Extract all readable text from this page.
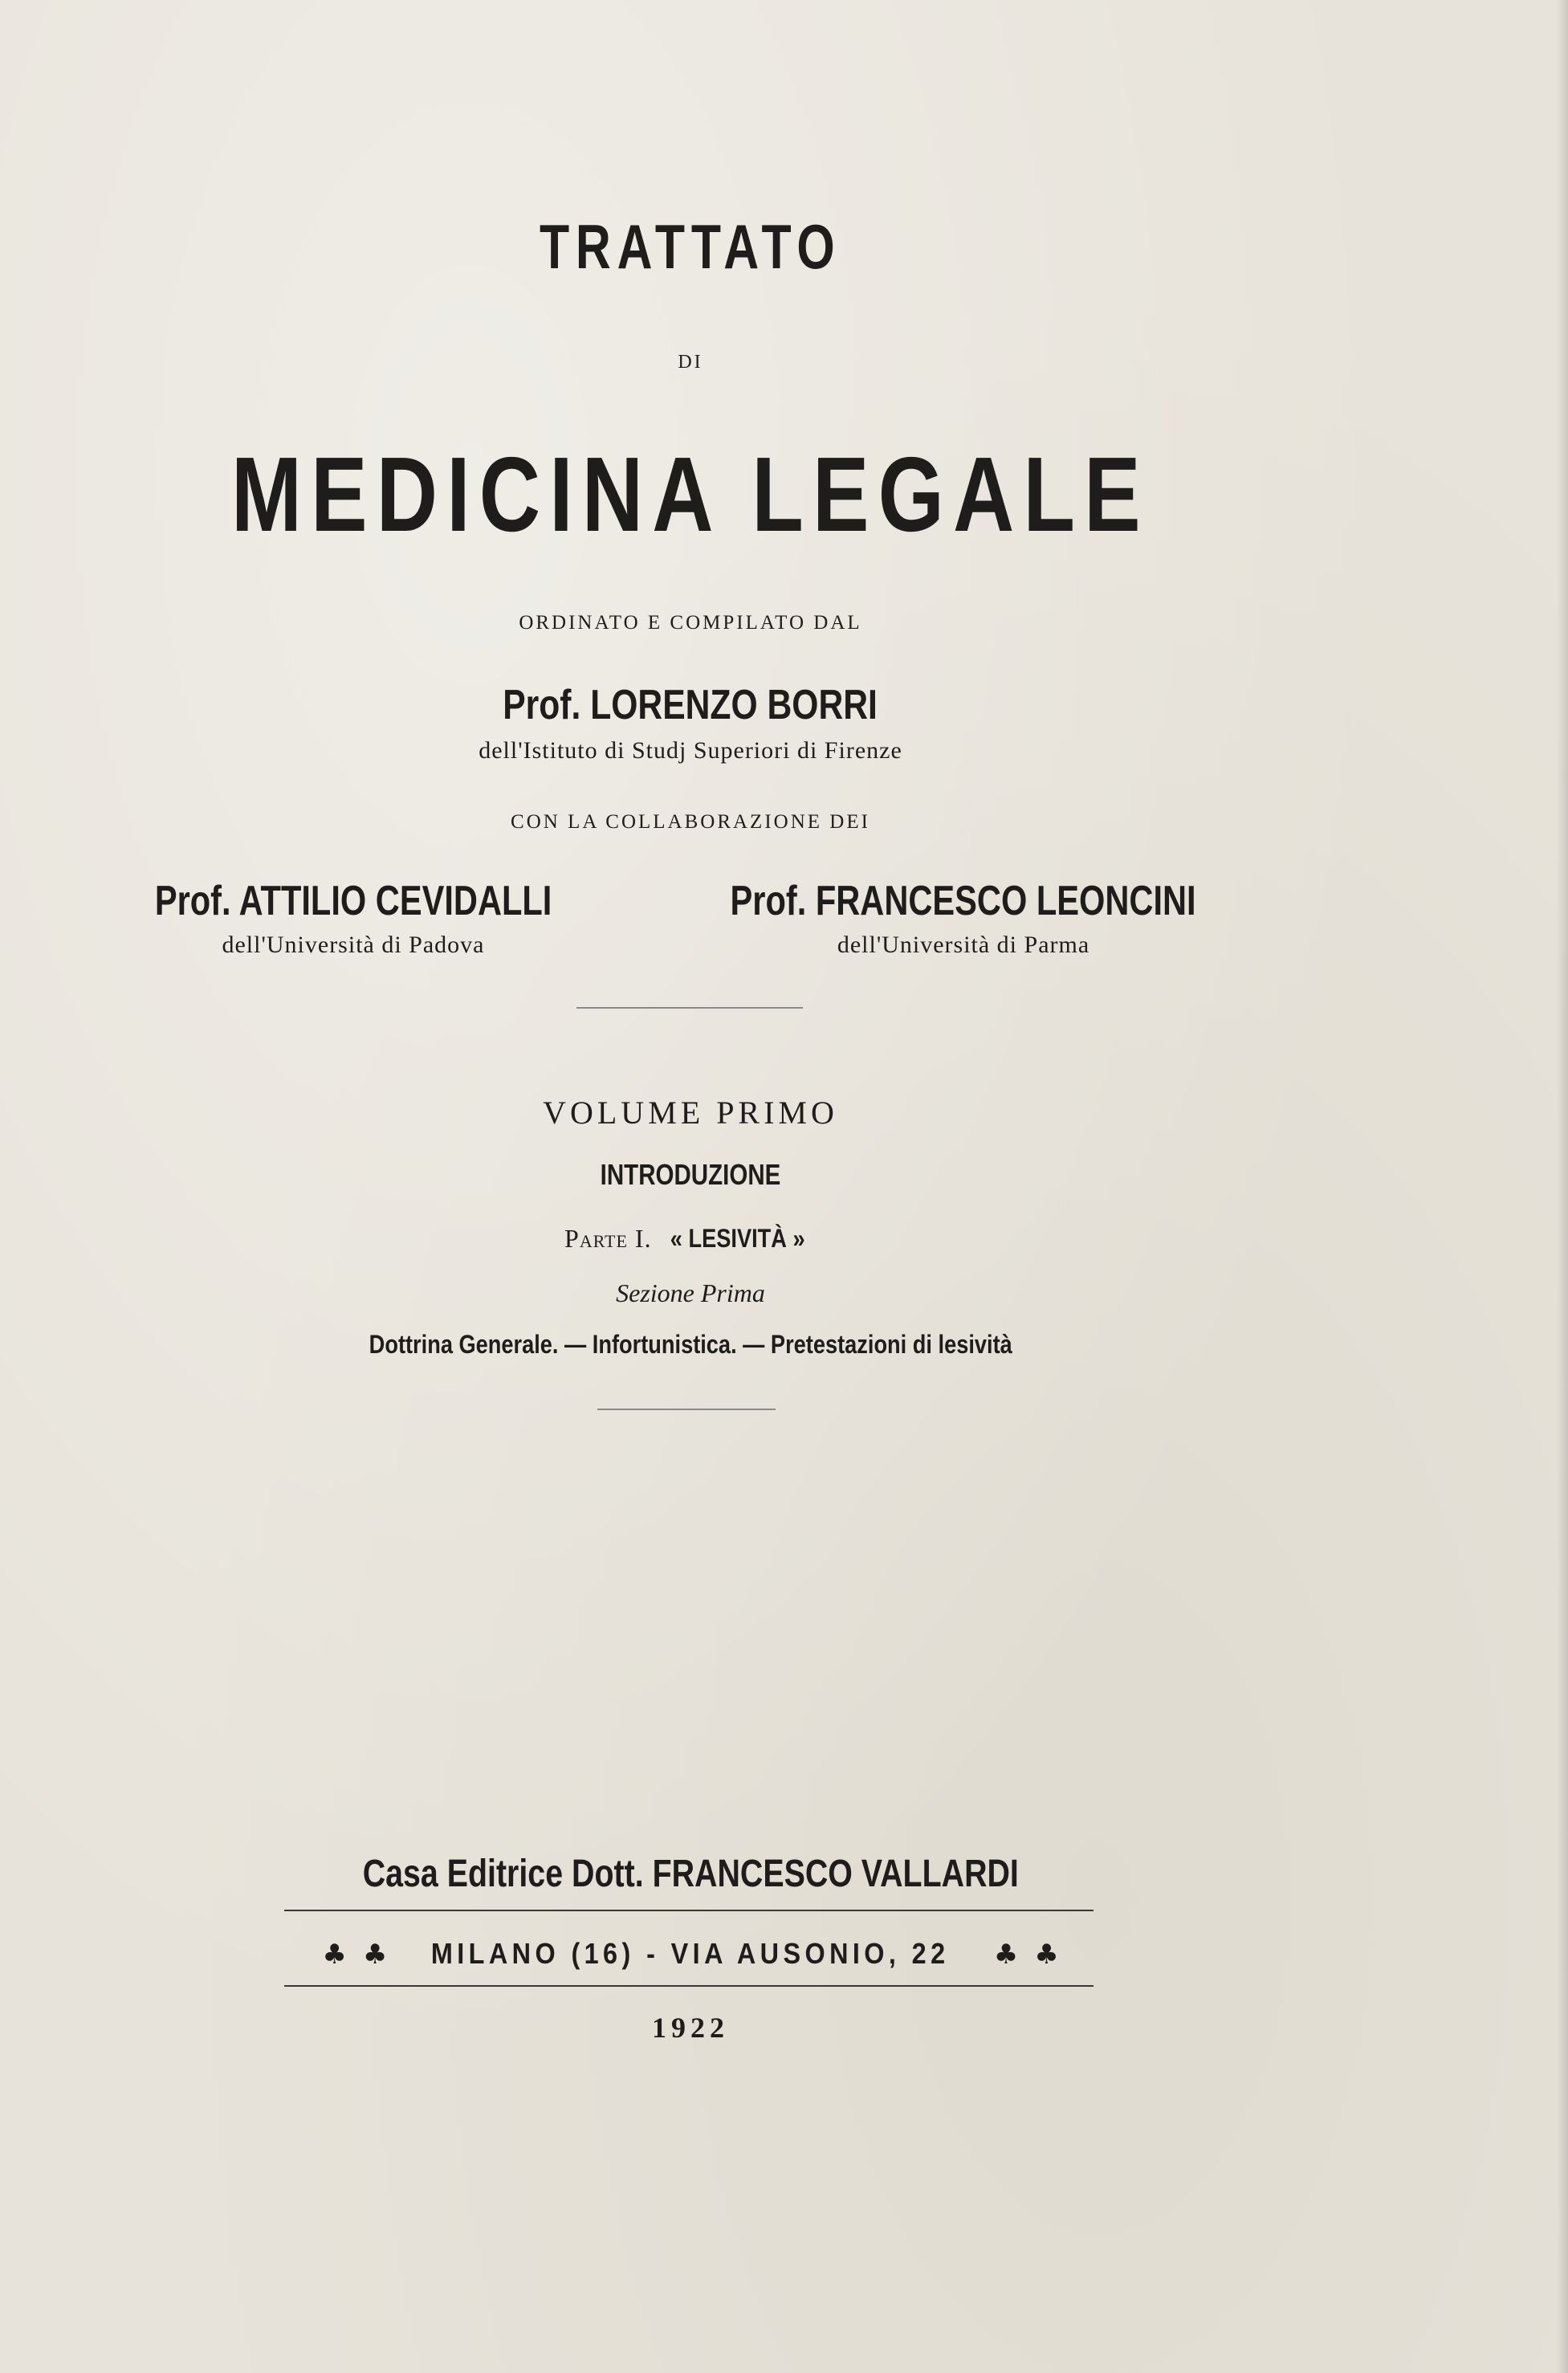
TRATTATO
DI
MEDICINA LEGALE
ORDINATO E COMPILATO DAL
Prof. LORENZO BORRI
dell'Istituto di Studj Superiori di Firenze
CON LA COLLABORAZIONE DEI
Prof. ATTILIO CEVIDALLI
dell'Università di Padova
Prof. FRANCESCO LEONCINI
dell'Università di Parma
VOLUME PRIMO
INTRODUZIONE
Parte I. « LESIVITÀ »
Sezione Prima
Dottrina Generale. — Infortunistica. — Pretestazioni di lesività
Casa Editrice Dott. FRANCESCO VALLARDI
♣ ♣ MILANO (16) - VIA AUSONIO, 22 ♣ ♣
1922
